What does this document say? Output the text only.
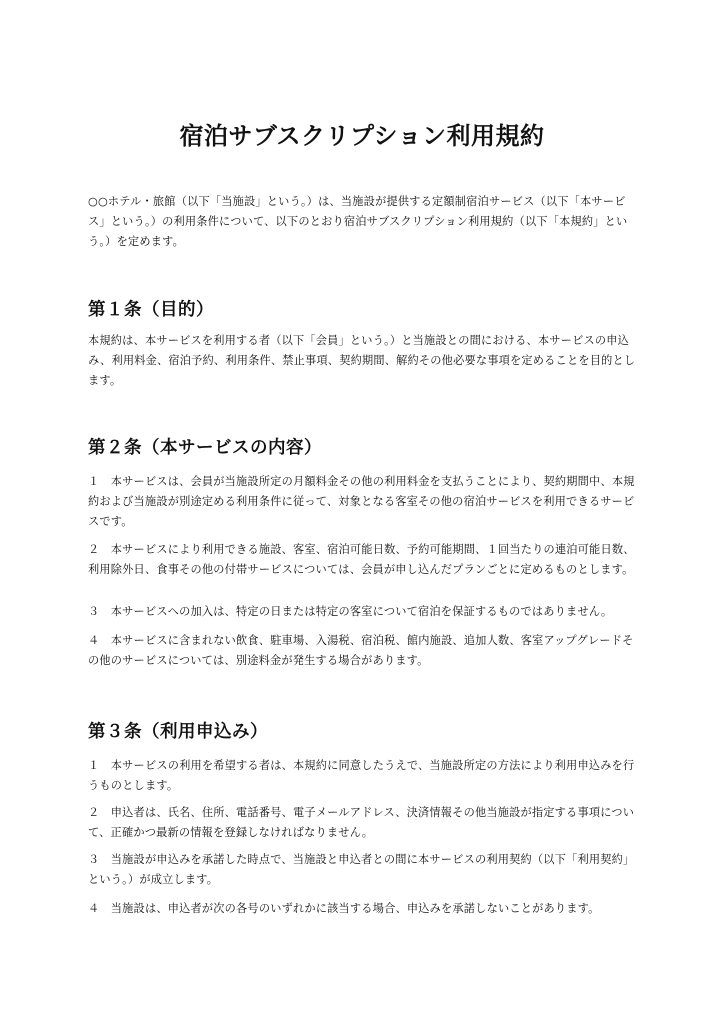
宿泊サブスクリプション利用規約

○○ホテル・旅館（以下「当施設」という。）は、当施設が提供する定額制宿泊サービス（以下「本サービス」という。）の利用条件について、以下のとおり宿泊サブスクリプション利用規約（以下「本規約」という。）を定めます。

第１条（目的）

本規約は、本サービスを利用する者（以下「会員」という。）と当施設との間における、本サービスの申込み、利用料金、宿泊予約、利用条件、禁止事項、契約期間、解約その他必要な事項を定めることを目的とします。

第２条（本サービスの内容）

１　本サービスは、会員が当施設所定の月額料金その他の利用料金を支払うことにより、契約期間中、本規約および当施設が別途定める利用条件に従って、対象となる客室その他の宿泊サービスを利用できるサービスです。

２　本サービスにより利用できる施設、客室、宿泊可能日数、予約可能期間、１回当たりの連泊可能日数、利用除外日、食事その他の付帯サービスについては、会員が申し込んだプランごとに定めるものとします。

３　本サービスへの加入は、特定の日または特定の客室について宿泊を保証するものではありません。

４　本サービスに含まれない飲食、駐車場、入湯税、宿泊税、館内施設、追加人数、客室アップグレードその他のサービスについては、別途料金が発生する場合があります。

第３条（利用申込み）

１　本サービスの利用を希望する者は、本規約に同意したうえで、当施設所定の方法により利用申込みを行うものとします。

２　申込者は、氏名、住所、電話番号、電子メールアドレス、決済情報その他当施設が指定する事項について、正確かつ最新の情報を登録しなければなりません。

３　当施設が申込みを承諾した時点で、当施設と申込者との間に本サービスの利用契約（以下「利用契約」という。）が成立します。

４　当施設は、申込者が次の各号のいずれかに該当する場合、申込みを承諾しないことがあります。
